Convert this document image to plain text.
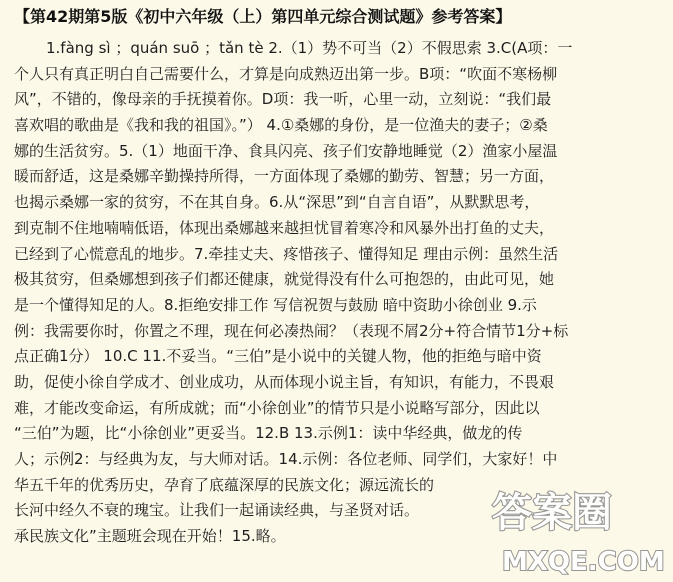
【第42期第5版《初中六年级（上）第四单元综合测试题》参考答案】
1.fàng sì ；quán suō ；tǎn tè 2.（1）势不可当（2）不假思索 3.C(A项：一
个人只有真正明白自己需要什么，才算是向成熟迈出第一步。B项：“吹面不寒杨柳
风”，不错的，像母亲的手抚摸着你。D项：我一听，心里一动，立刻说：“我们最
喜欢唱的歌曲是《我和我的祖国》。”） 4.①桑娜的身份，是一位渔夫的妻子；②桑
娜的生活贫穷。5.（1）地面干净、食具闪亮、孩子们安静地睡觉（2）渔家小屋温
暖而舒适，这是桑娜辛勤操持所得，一方面体现了桑娜的勤劳、智慧；另一方面，
也揭示桑娜一家的贫穷，不在其自身。6.从“深思”到“自言自语”，从默默思考，
到克制不住地喃喃低语，体现出桑娜越来越担忧冒着寒冷和风暴外出打鱼的丈夫，
已经到了心慌意乱的地步。7.牵挂丈夫、疼惜孩子、懂得知足 理由示例：虽然生活
极其贫穷，但桑娜想到孩子们都还健康，就觉得没有什么可抱怨的，由此可见，她
是一个懂得知足的人。8.拒绝安排工作 写信祝贺与鼓励 暗中资助小徐创业 9.示
例：我需要你时，你置之不理，现在何必凑热闹？（表现不屑2分+符合情节1分+标
点正确1分） 10.C 11.不妥当。“三伯”是小说中的关键人物，他的拒绝与暗中资
助，促使小徐自学成才、创业成功，从而体现小说主旨，有知识，有能力，不畏艰
难，才能改变命运，有所成就；而“小徐创业”的情节只是小说略写部分，因此以
“三伯”为题，比“小徐创业”更妥当。12.B 13.示例1：读中华经典，做龙的传
人；示例2：与经典为友，与大师对话。14.示例：各位老师、同学们，大家好！中
华五千年的优秀历史，孕育了底蕴深厚的民族文化；源远流长的
长河中经久不衰的瑰宝。让我们一起诵读经典，与圣贤对话。
承民族文化”主题班会现在开始！15.略。
答案圈
MXQE.COM
